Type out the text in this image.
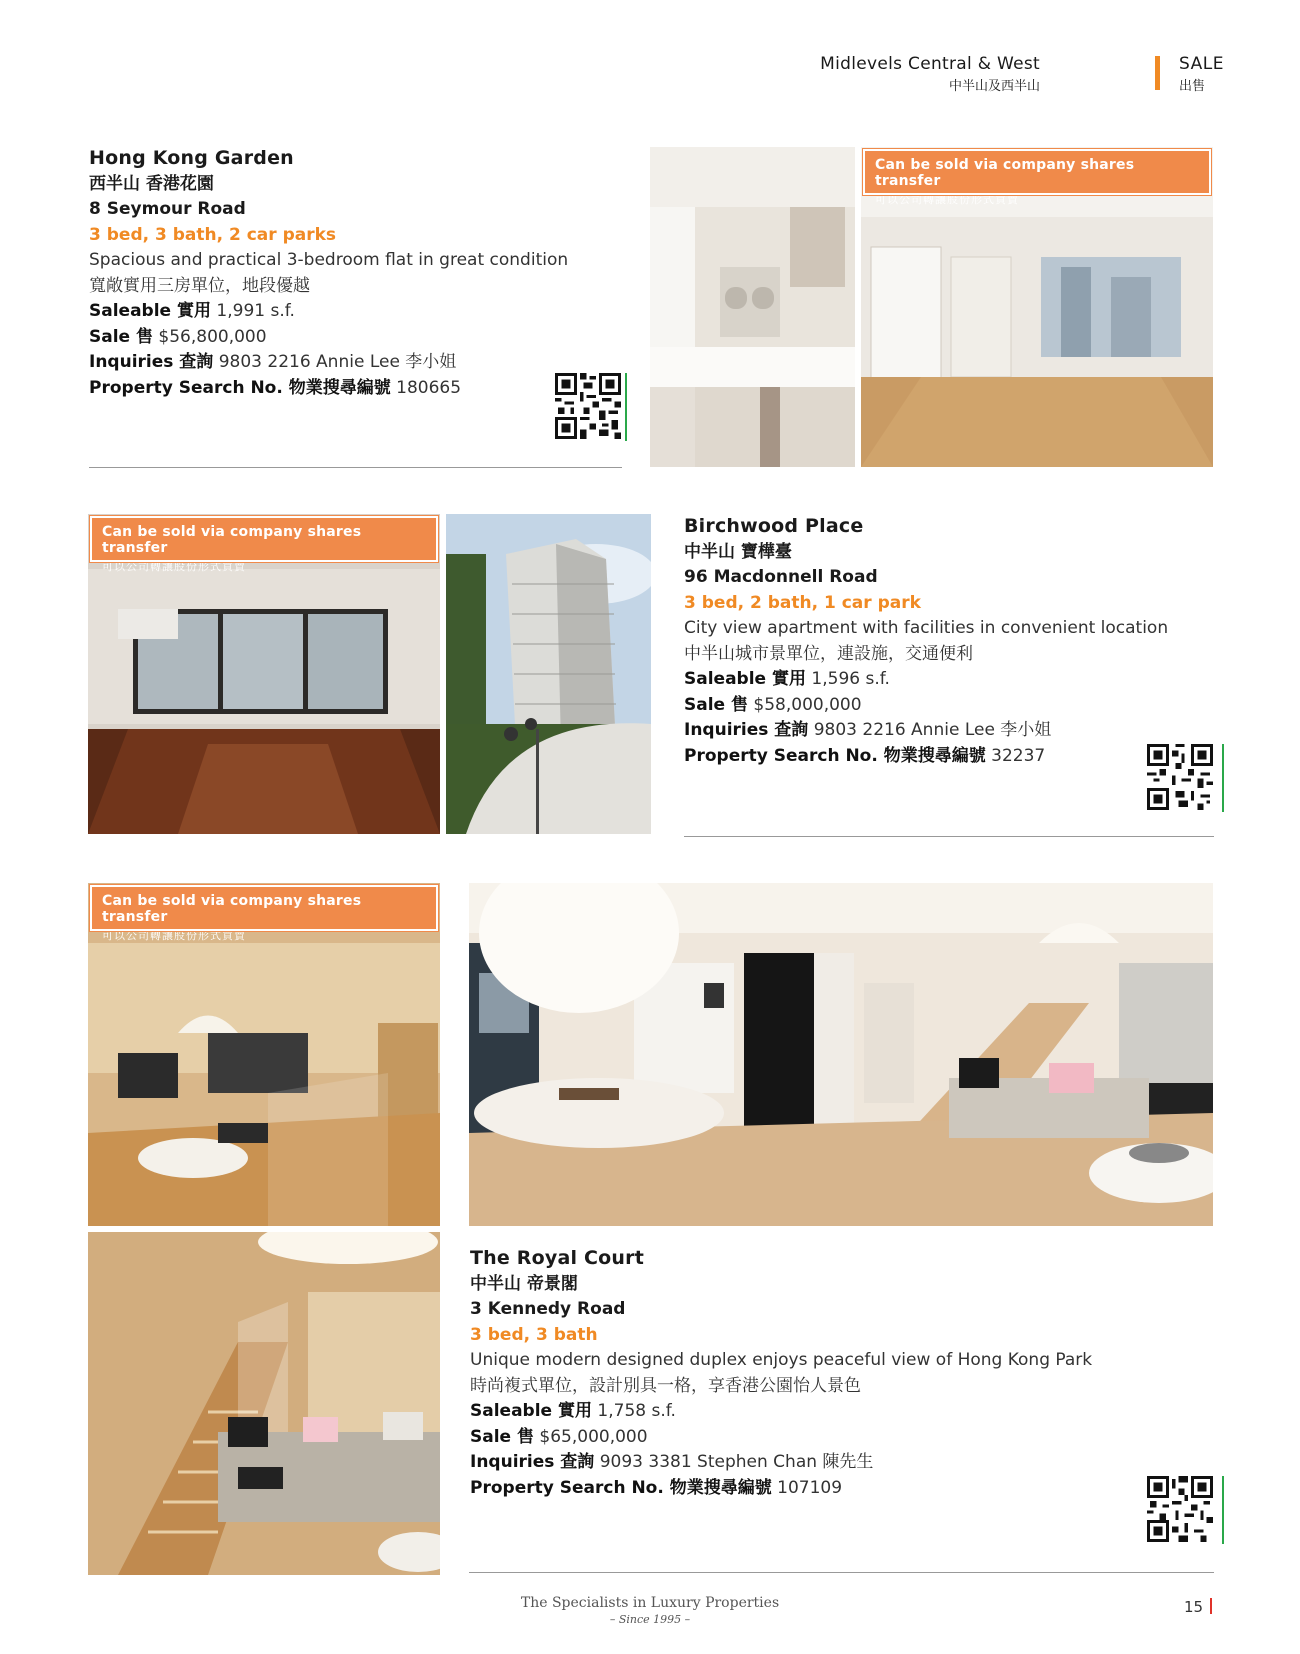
Midlevels Central & West
中半山及西半山
SALE
出售
Hong Kong Garden
西半山 香港花園
8 Seymour Road
3 bed, 3 bath, 2 car parks
Spacious and practical 3-bedroom flat in great condition
寬敞實用三房單位，地段優越
Saleable 實用 1,991 s.f.
Sale 售 $56,800,000
Inquiries 查詢 9803 2216 Annie Lee 李小姐
Property Search No. 物業搜尋編號 180665
Can be sold via company shares transfer
可以公司轉讓股份形式買賣
Can be sold via company shares transfer
可以公司轉讓股份形式買賣
Birchwood Place
中半山 寶樺臺
96 Macdonnell Road
3 bed, 2 bath, 1 car park
City view apartment with facilities in convenient location
中半山城市景單位，連設施，交通便利
Saleable 實用 1,596 s.f.
Sale 售 $58,000,000
Inquiries 查詢 9803 2216 Annie Lee 李小姐
Property Search No. 物業搜尋編號 32237
Can be sold via company shares transfer
可以公司轉讓股份形式買賣
The Royal Court
中半山 帝景閣
3 Kennedy Road
3 bed, 3 bath
Unique modern designed duplex enjoys peaceful view of Hong Kong Park
時尚複式單位，設計別具一格，享香港公園怡人景色
Saleable 實用 1,758 s.f.
Sale 售 $65,000,000
Inquiries 查詢 9093 3381 Stephen Chan 陳先生
Property Search No. 物業搜尋編號 107109
The Specialists in Luxury Properties
– Since 1995 –
15
